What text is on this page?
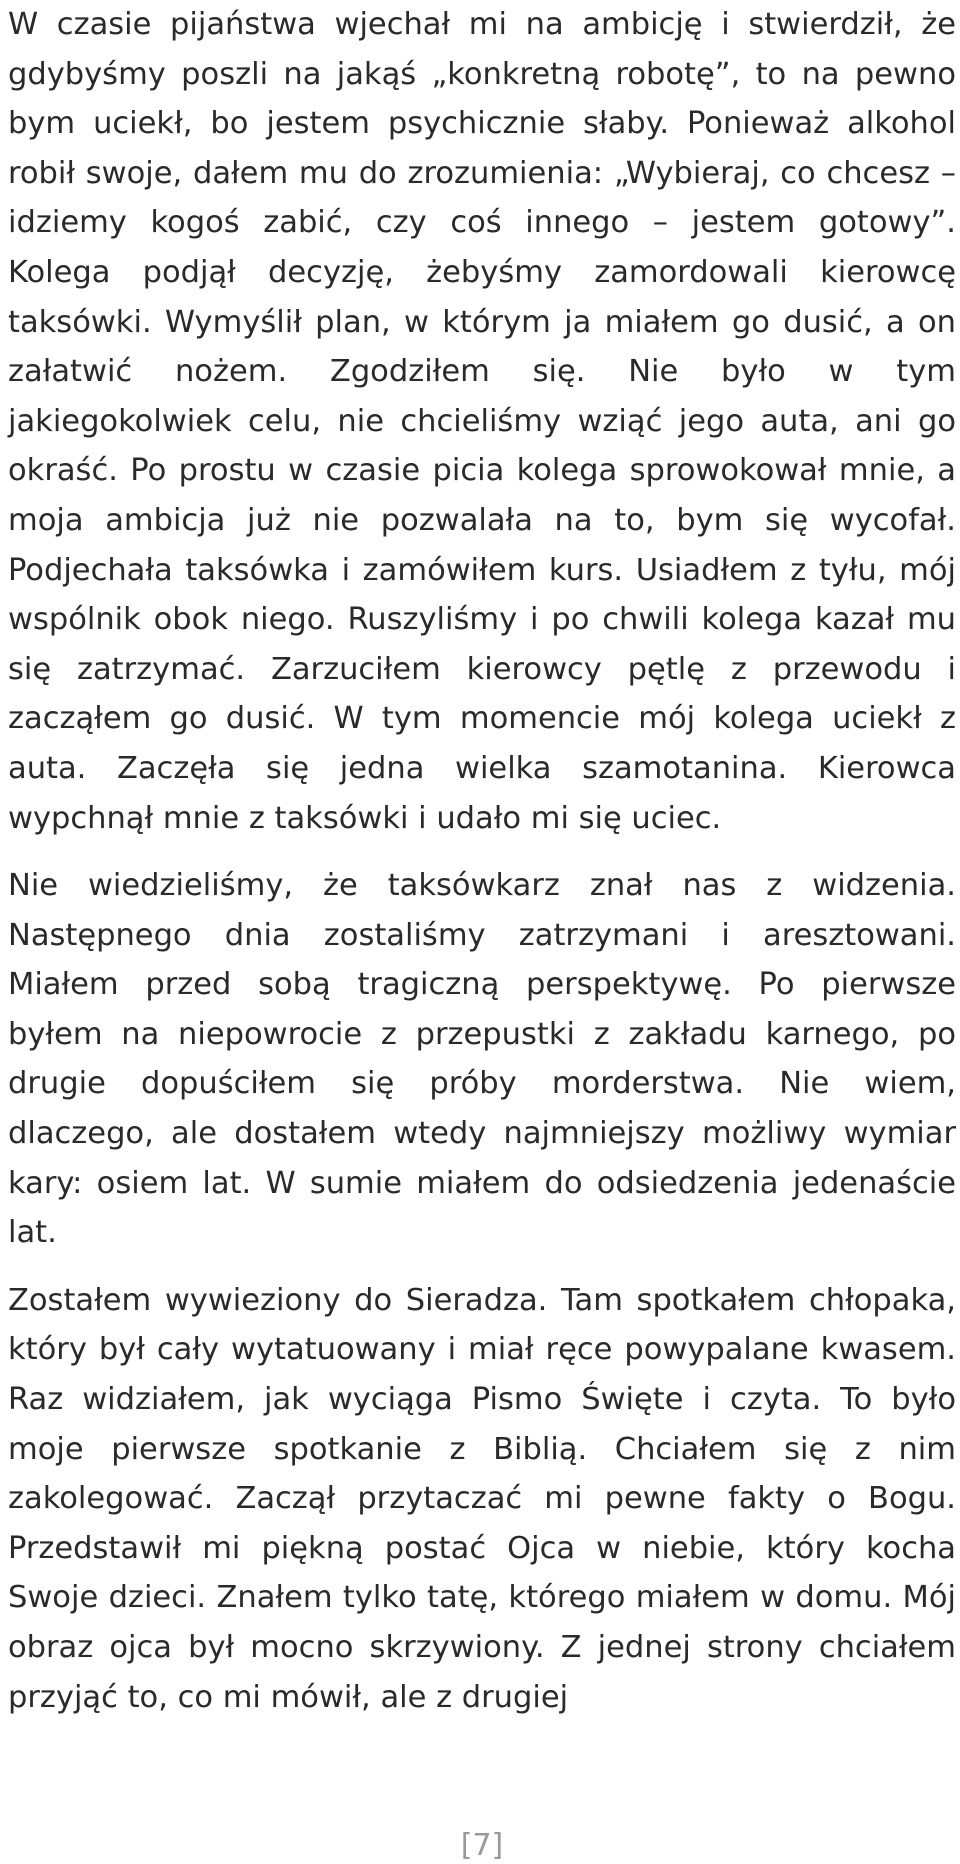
W czasie pijaństwa wjechał mi na ambicję i stwierdził, że gdybyśmy poszli na jakąś „konkretną robotę”, to na pewno bym uciekł, bo jestem psychicznie słaby. Ponieważ alkohol robił swoje, dałem mu do zrozumienia: „Wybieraj, co chcesz – idziemy kogoś zabić, czy coś innego – jestem gotowy”. Kolega podjął decyzję, żebyśmy zamordowali kierowcę taksówki. Wymyślił plan, w którym ja miałem go dusić, a on załatwić nożem. Zgodziłem się. Nie było w tym jakiegokolwiek celu, nie chcieliśmy wziąć jego auta, ani go okraść. Po prostu w czasie picia kolega sprowokował mnie, a moja ambicja już nie pozwalała na to, bym się wycofał. Podjechała taksówka i zamówiłem kurs. Usiadłem z tyłu, mój wspólnik obok niego. Ruszyliśmy i po chwili kolega kazał mu się zatrzymać. Zarzuciłem kierowcy pętlę z przewodu i zacząłem go dusić. W tym momencie mój kolega uciekł z auta. Zaczęła się jedna wielka szamotanina. Kierowca wypchnął mnie z taksówki i udało mi się uciec.

Nie wiedzieliśmy, że taksówkarz znał nas z widzenia. Następnego dnia zostaliśmy zatrzymani i aresztowani. Miałem przed sobą tragiczną perspektywę. Po pierwsze byłem na niepowrocie z przepustki z zakładu karnego, po drugie dopuściłem się próby morderstwa. Nie wiem, dlaczego, ale dostałem wtedy najmniejszy możliwy wymiar kary: osiem lat. W sumie miałem do odsiedzenia jedenaście lat.

Zostałem wywieziony do Sieradza. Tam spotkałem chłopaka, który był cały wytatuowany i miał ręce powypalane kwasem. Raz widziałem, jak wyciąga Pismo Święte i czyta. To było moje pierwsze spotkanie z Biblią. Chciałem się z nim zakolegować. Zaczął przytaczać mi pewne fakty o Bogu. Przedstawił mi piękną postać Ojca w niebie, który kocha Swoje dzieci. Znałem tylko tatę, którego miałem w domu. Mój obraz ojca był mocno skrzywiony. Z jednej strony chciałem przyjąć to, co mi mówił, ale z drugiej

[7]
